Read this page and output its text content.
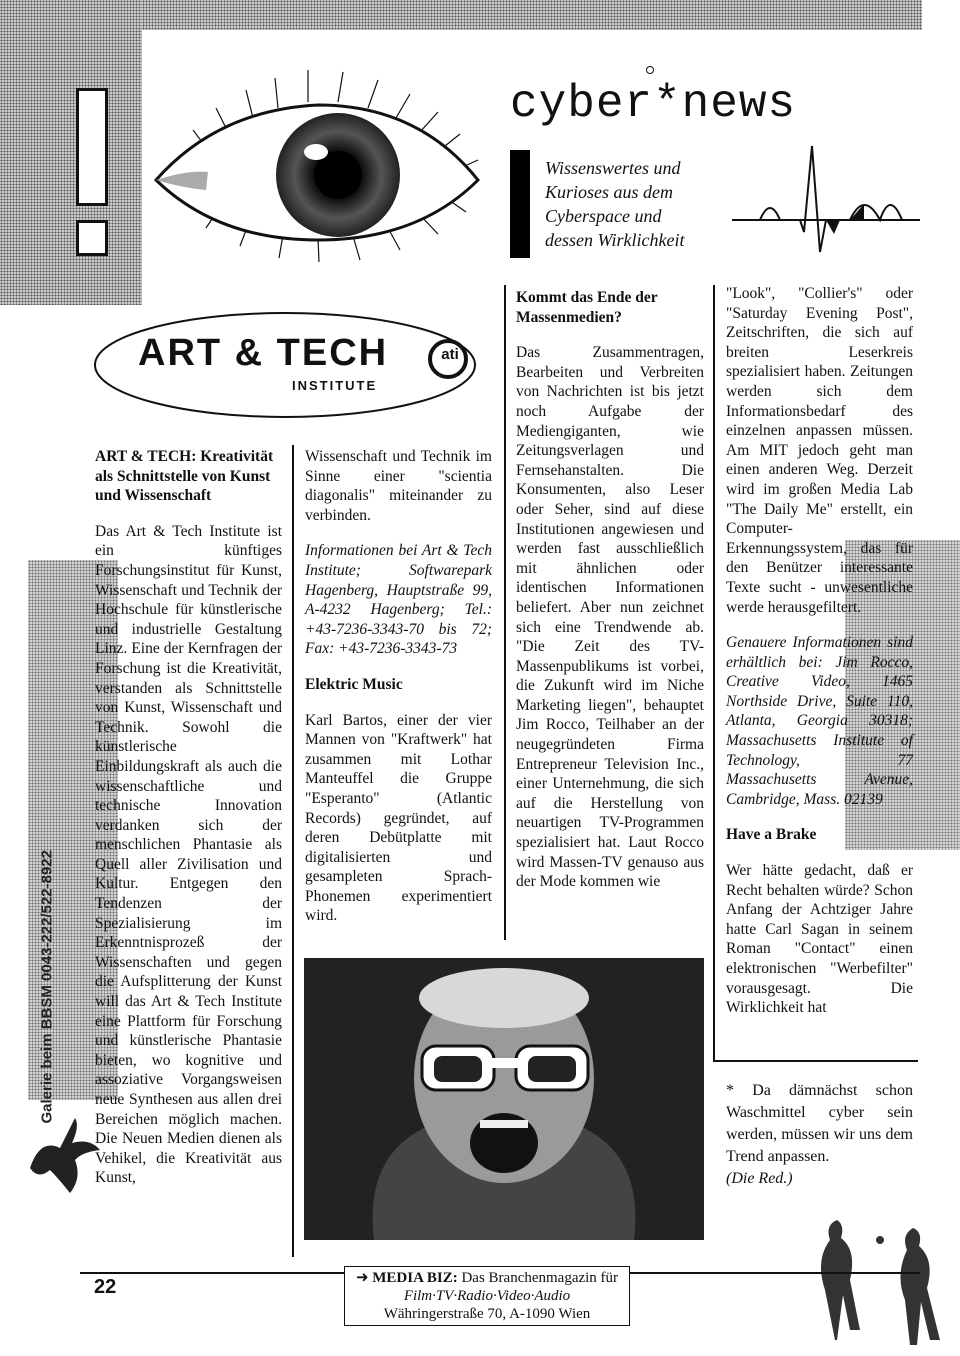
cyber*news
Wissenswertes und
Kurioses aus dem
Cyberspace und
dessen Wirklichkeit
ART & TECH
INSTITUTE
ati
Galerie beim BBSM 0043-222/522-8922

ART & TECH: Kreativität als Schnittstelle von Kunst und Wissenschaft

Das Art & Tech Institute ist ein künftiges Forschungsinstitut für Kunst, Wissenschaft und Technik der Hochschule für künstlerische und industrielle Gestaltung Linz. Eine der Kernfragen der Forschung ist die Kreativität, verstanden als Schnittstelle von Kunst, Wissenschaft und Technik. Sowohl die künstlerische Einbildungskraft als auch die wissenschaftliche und technische Innovation verdanken sich der menschlichen Phantasie als Quell aller Zivilisation und Kultur. Entgegen den Tendenzen der Spezialisierung im Erkenntnisprozeß der Wissenschaften und gegen die Aufsplitterung der Kunst will das Art & Tech Institute eine Plattform für Forschung und künstlerische Phantasie bieten, wo kognitive und assoziative Vorgangsweisen neue Synthesen aus allen drei Bereichen möglich machen. Die Neuen Medien dienen als Vehikel, die Kreativität aus Kunst,

Wissenschaft und Technik im Sinne einer "scientia diagonalis" miteinander zu verbinden.

Informationen bei Art & Tech Institute; Softwarepark Hagenberg, Hauptstraße 99, A-4232 Hagenberg; Tel.: +43-7236-3343-70 bis 72; Fax: +43-7236-3343-73

Elektric Music

Karl Bartos, einer der vier Mannen von "Kraftwerk" hat zusammen mit Lothar Manteuffel die Gruppe "Esperanto" (Atlantic Records) gegründet, auf deren Debütplatte mit digitalisierten und gesampleten Sprach-Phonemen experimentiert wird.

Kommt das Ende der Massenmedien?

Das Zusammentragen, Bearbeiten und Verbreiten von Nachrichten ist bis jetzt noch Aufgabe der Mediengiganten, wie Zeitungsverlagen und Fernsehanstalten. Die Konsumenten, also Leser oder Seher, sind auf diese Institutionen angewiesen und werden fast ausschließlich mit ähnlichen oder identischen Informationen beliefert. Aber nun zeichnet sich eine Trendwende ab. "Die Zeit des TV-Massenpublikums ist vorbei, die Zukunft wird im Niche Marketing liegen", behauptet Jim Rocco, Teilhaber an der neugegründeten Firma Entrepreneur Television Inc., einer Unternehmung, die sich auf die Herstellung von neuartigen TV-Programmen spezialisiert hat. Laut Rocco wird Massen-TV genauso aus der Mode kommen wie

"Look", "Collier's" oder "Saturday Evening Post", Zeitschriften, die sich auf breiten Leserkreis spezialisiert haben. Zeitungen werden sich dem Informationsbedarf des einzelnen anpassen müssen. Am MIT jedoch geht man einen anderen Weg. Derzeit wird im großen Media Lab "The Daily Me" erstellt, ein Computer-Erkennungssystem, das für den Benützer interessante Texte sucht - unwesentliche werde herausgefiltert.

Genauere Informationen sind erhältlich bei: Jim Rocco, Creative Video, 1465 Northside Drive, Suite 110, Atlanta, Georgia 30318; Massachusetts Institute of Technology, 77 Massachusetts Avenue, Cambridge, Mass. 02139

Have a Brake

Wer hätte gedacht, daß er Recht behalten würde? Schon Anfang der Achtziger Jahre hatte Carl Sagan in seinem Roman "Contact" einen elektronischen "Werbefilter" vorausgesagt. Die Wirklichkeit hat

* Da dämnächst schon Waschmittel cyber sein werden, müssen wir uns dem Trend anpassen.

(Die Red.)

22	➜ MEDIA BIZ: Das Branchenmagazin für
Film·TV·Radio·Video·Audio
Währingerstraße 70, A-1090 Wien
